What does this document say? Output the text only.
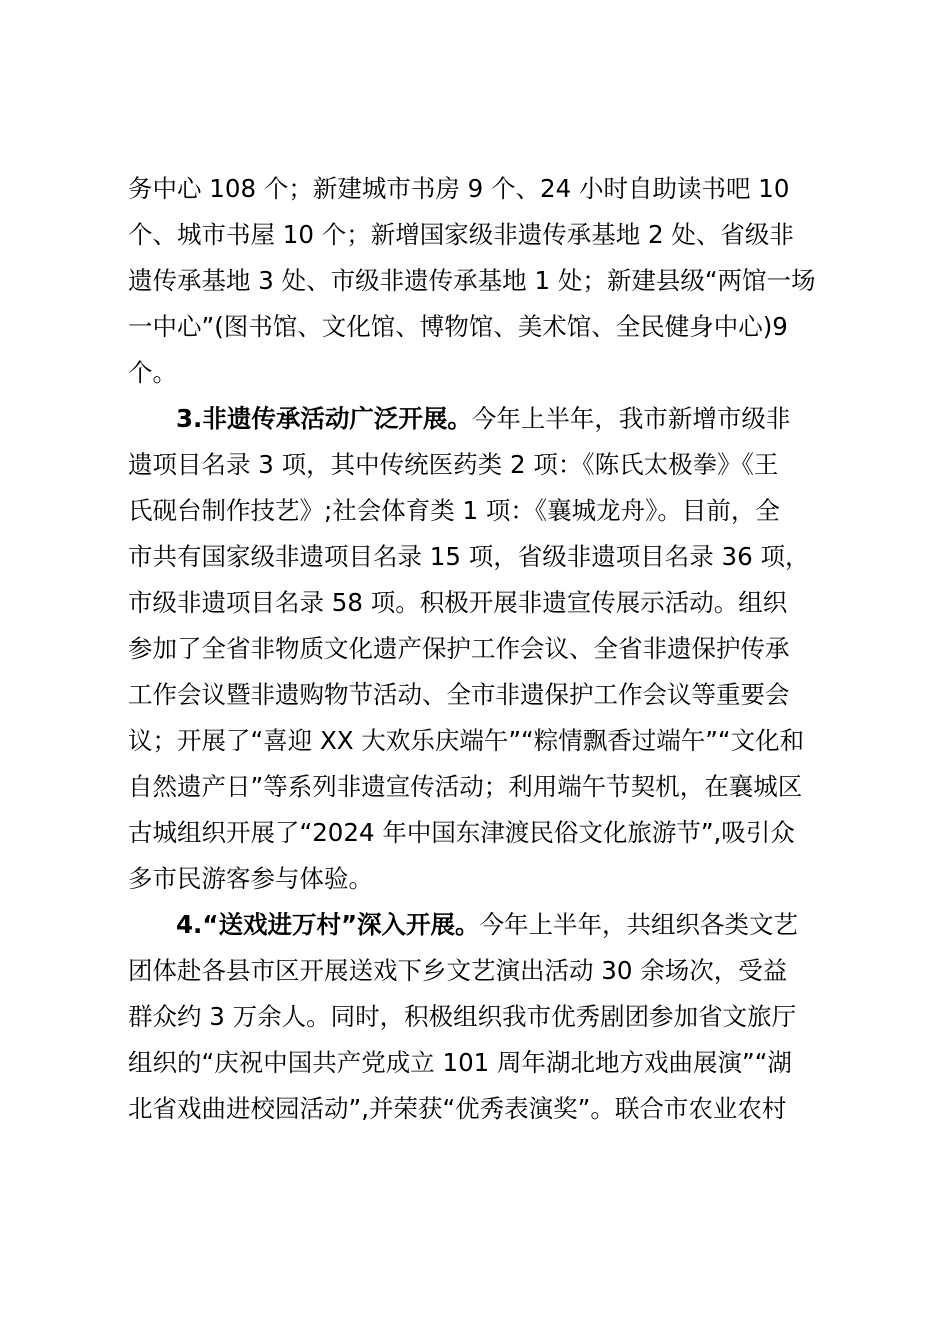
务中心 108 个；新建城市书房 9 个、24 小时自助读书吧 10
个、城市书屋 10 个；新增国家级非遗传承基地 2 处、省级非
遗传承基地 3 处、市级非遗传承基地 1 处；新建县级“两馆一场
一中心”(图书馆、文化馆、博物馆、美术馆、全民健身中心)9
个。
3.非遗传承活动广泛开展。今年上半年，我市新增市级非
遗项目名录 3 项，其中传统医药类 2 项：《陈氏太极拳》《王
氏砚台制作技艺》;社会体育类 1 项：《襄城龙舟》。目前，全
市共有国家级非遗项目名录 15 项，省级非遗项目名录 36 项，
市级非遗项目名录 58 项。积极开展非遗宣传展示活动。组织
参加了全省非物质文化遗产保护工作会议、全省非遗保护传承
工作会议暨非遗购物节活动、全市非遗保护工作会议等重要会
议；开展了“喜迎 XX 大欢乐庆端午”“粽情飘香过端午”“文化和
自然遗产日”等系列非遗宣传活动；利用端午节契机，在襄城区
古城组织开展了“2024 年中国东津渡民俗文化旅游节”,吸引众
多市民游客参与体验。
4.“送戏进万村”深入开展。今年上半年，共组织各类文艺
团体赴各县市区开展送戏下乡文艺演出活动 30 余场次，受益
群众约 3 万余人。同时，积极组织我市优秀剧团参加省文旅厅
组织的“庆祝中国共产党成立 101 周年湖北地方戏曲展演”“湖
北省戏曲进校园活动”,并荣获“优秀表演奖”。联合市农业农村
